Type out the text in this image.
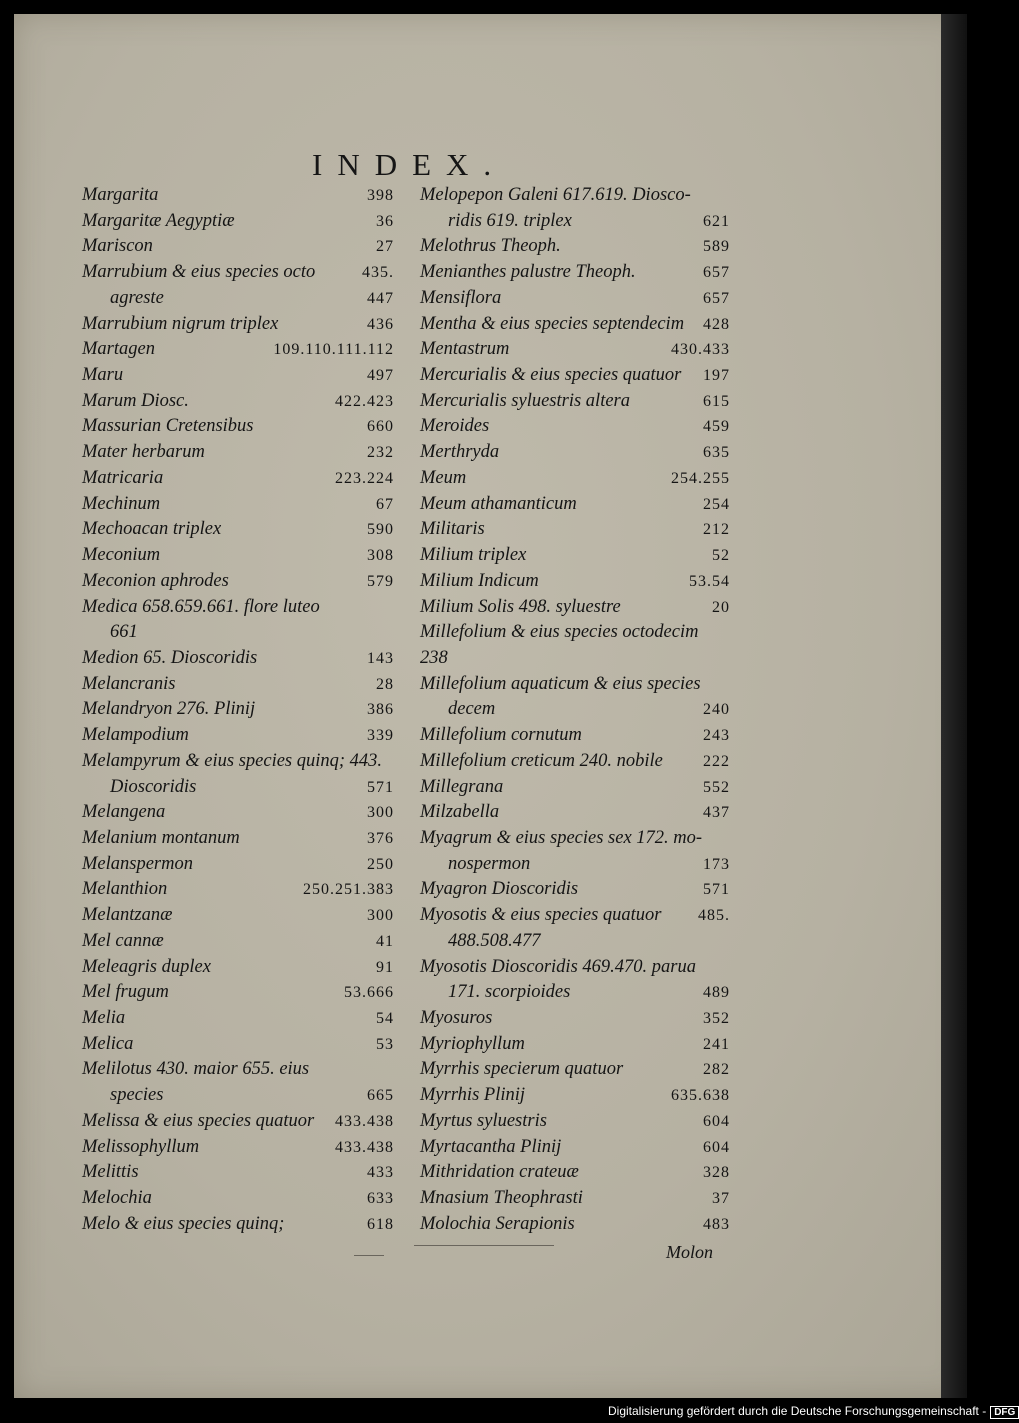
INDEX.
Margarita	398
Margaritæ Aegyptiæ	36
Mariscon	27
Marrubium & eius species octo	435.
agreste	447
Marrubium nigrum triplex	436
Martagen	109.110.111.112
Maru	497
Marum Diosc.	422.423
Massurian Cretensibus	660
Mater herbarum	232
Matricaria	223.224
Mechinum	67
Mechoacan triplex	590
Meconium	308
Meconion aphrodes	579
Medica 658.659.661. flore luteo
661
Medion 65. Dioscoridis	143
Melancranis	28
Melandryon 276. Plinij	386
Melampodium	339
Melampyrum & eius species quinq; 443.
Dioscoridis	571
Melangena	300
Melanium montanum	376
Melanspermon	250
Melanthion	250.251.383
Melantzanæ	300
Mel cannæ	41
Meleagris duplex	91
Mel frugum	53.666
Melia	54
Melica	53
Melilotus 430. maior 655. eius
species	665
Melissa & eius species quatuor 433.438
Melissophyllum	433.438
Melittis	433
Melochia	633
Melo & eius species quinq;	618
Melopepon Galeni 617.619. Diosco-
ridis 619. triplex	621
Melothrus Theoph.	589
Menianthes palustre Theoph.	657
Mensiflora	657
Mentha & eius species septendecim 428
Mentastrum	430.433
Mercurialis & eius species quatuor 197
Mercurialis syluestris altera	615
Meroides	459
Merthryda	635
Meum	254.255
Meum athamanticum	254
Militaris	212
Milium triplex	52
Milium Indicum	53.54
Milium Solis 498. syluestre	20
Millefolium & eius species octodecim
238
Millefolium aquaticum & eius species
decem	240
Millefolium cornutum	243
Millefolium creticum 240. nobile	222
Millegrana	552
Milzabella	437
Myagrum & eius species sex 172. mo-
nospermon	173
Myagron Dioscoridis	571
Myosotis & eius species quatuor 485.
488.508.477
Myosotis Dioscoridis 469.470. parua
171. scorpioides	489
Myosuros	352
Myriophyllum	241
Myrrhis specierum quatuor	282
Myrrhis Plinij	635.638
Myrtus syluestris	604
Myrtacantha Plinij	604
Mithridation crateuæ	328
Mnasium Theophrasti	37
Molochia Serapionis	483
Molon
Digitalisierung gefördert durch die Deutsche Forschungsgemeinschaft - DFG
